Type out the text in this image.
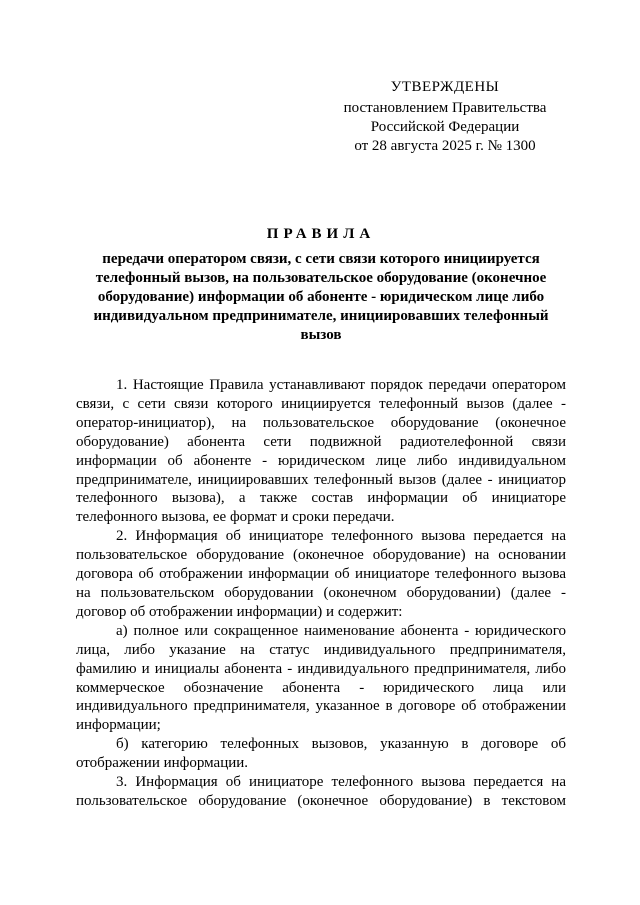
УТВЕРЖДЕНЫ
постановлением Правительства
Российской Федерации
от 28 августа 2025 г. № 1300
ПРАВИЛА
передачи оператором связи, с сети связи которого инициируется телефонный вызов, на пользовательское оборудование (оконечное оборудование) информации об абоненте - юридическом лице либо индивидуальном предпринимателе, инициировавших телефонный вызов

1. Настоящие Правила устанавливают порядок передачи оператором связи, с сети связи которого инициируется телефонный вызов (далее - оператор-инициатор), на пользовательское оборудование (оконечное оборудование) абонента сети подвижной радиотелефонной связи информации об абоненте - юридическом лице либо индивидуальном предпринимателе, инициировавших телефонный вызов (далее - инициатор телефонного вызова), а также состав информации об инициаторе телефонного вызова, ее формат и сроки передачи.

2. Информация об инициаторе телефонного вызова передается на пользовательское оборудование (оконечное оборудование) на основании договора об отображении информации об инициаторе телефонного вызова на пользовательском оборудовании (оконечном оборудовании) (далее - договор об отображении информации) и содержит:

а) полное или сокращенное наименование абонента - юридического лица, либо указание на статус индивидуального предпринимателя, фамилию и инициалы абонента - индивидуального предпринимателя, либо коммерческое обозначение абонента - юридического лица или индивидуального предпринимателя, указанное в договоре об отображении информации;

б) категорию телефонных вызовов, указанную в договоре об отображении информации.

3. Информация об инициаторе телефонного вызова передается на пользовательское оборудование (оконечное оборудование) в текстовом
